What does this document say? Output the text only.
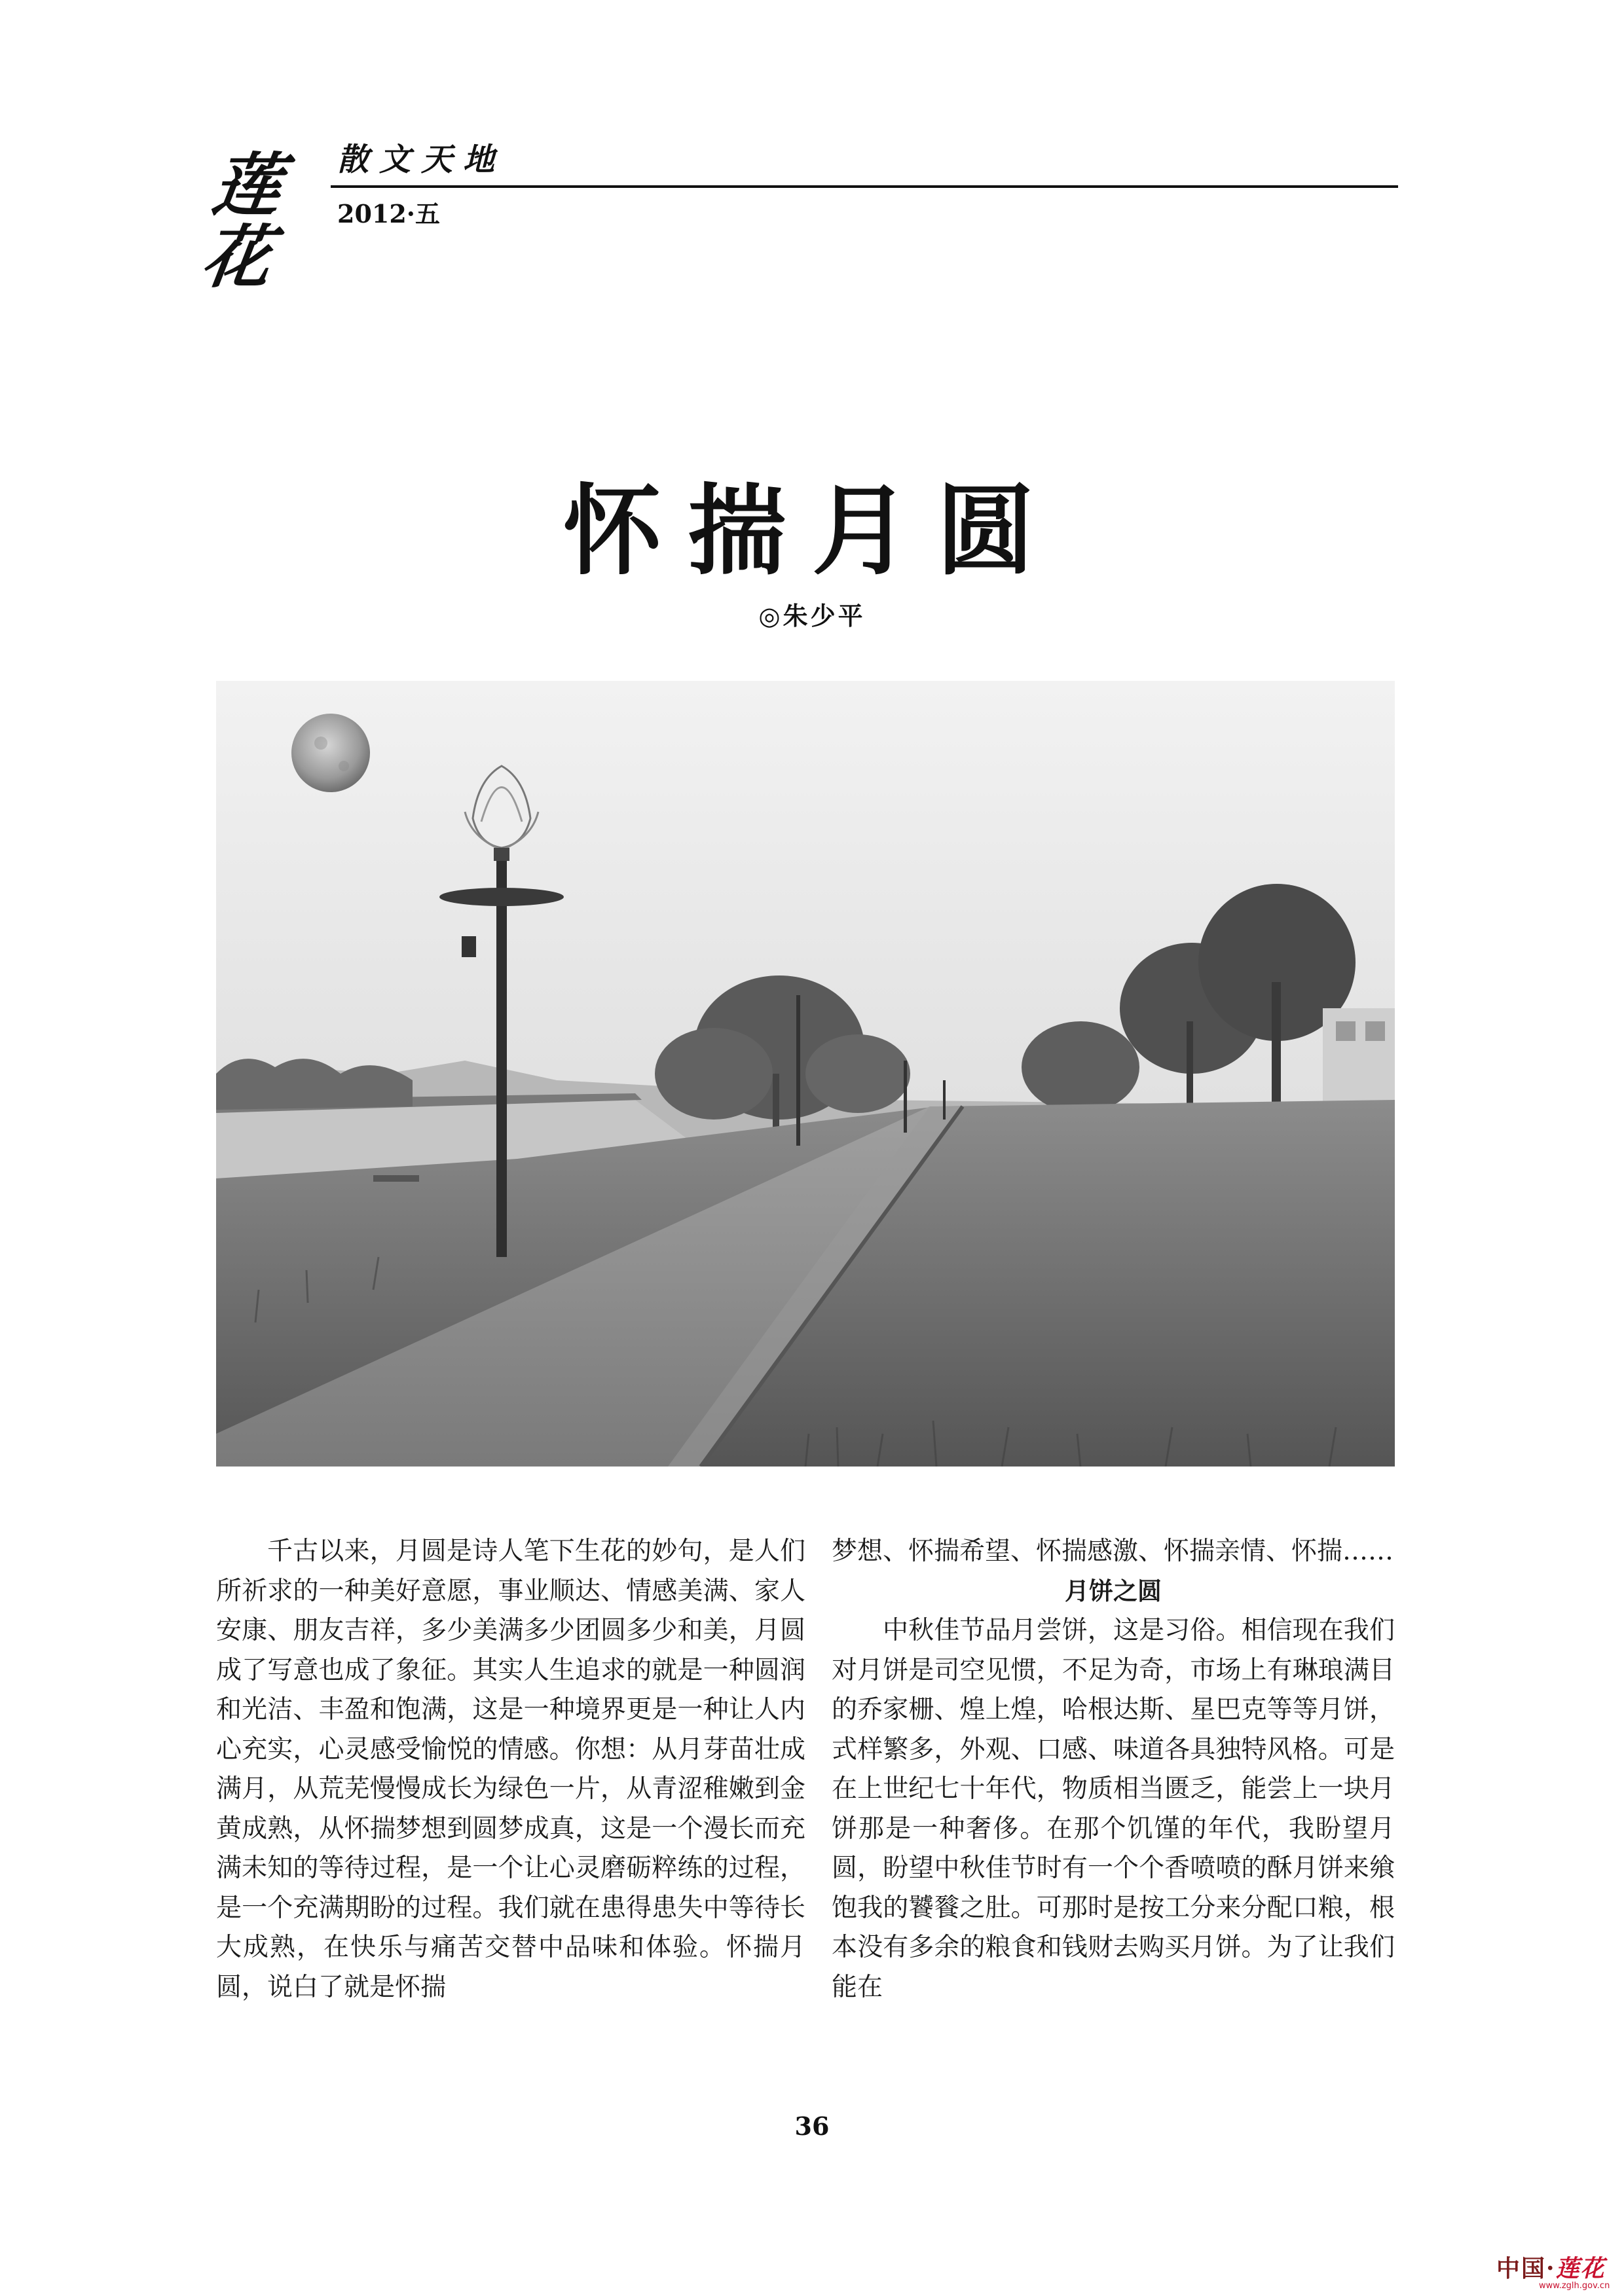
莲花
散文天地
2012·五
怀揣月圆
◎朱少平

千古以来，月圆是诗人笔下生花的妙句，是人们所祈求的一种美好意愿，事业顺达、情感美满、家人安康、朋友吉祥，多少美满多少团圆多少和美，月圆成了写意也成了象征。其实人生追求的就是一种圆润和光洁、丰盈和饱满，这是一种境界更是一种让人内心充实，心灵感受愉悦的情感。你想：从月芽苗壮成满月，从荒芜慢慢成长为绿色一片，从青涩稚嫩到金黄成熟，从怀揣梦想到圆梦成真，这是一个漫长而充满未知的等待过程，是一个让心灵磨砺粹练的过程，是一个充满期盼的过程。我们就在患得患失中等待长大成熟，在快乐与痛苦交替中品味和体验。怀揣月圆，说白了就是怀揣

梦想、怀揣希望、怀揣感激、怀揣亲情、怀揣……

月饼之圆

中秋佳节品月尝饼，这是习俗。相信现在我们对月饼是司空见惯，不足为奇，市场上有琳琅满目的乔家栅、煌上煌，哈根达斯、星巴克等等月饼，式样繁多，外观、口感、味道各具独特风格。可是在上世纪七十年代，物质相当匮乏，能尝上一块月饼那是一种奢侈。在那个饥馑的年代，我盼望月圆，盼望中秋佳节时有一个个香喷喷的酥月饼来飨饱我的饕餮之肚。可那时是按工分来分配口粮，根本没有多余的粮食和钱财去购买月饼。为了让我们能在

36
中国·莲花
www.zglh.gov.cn
